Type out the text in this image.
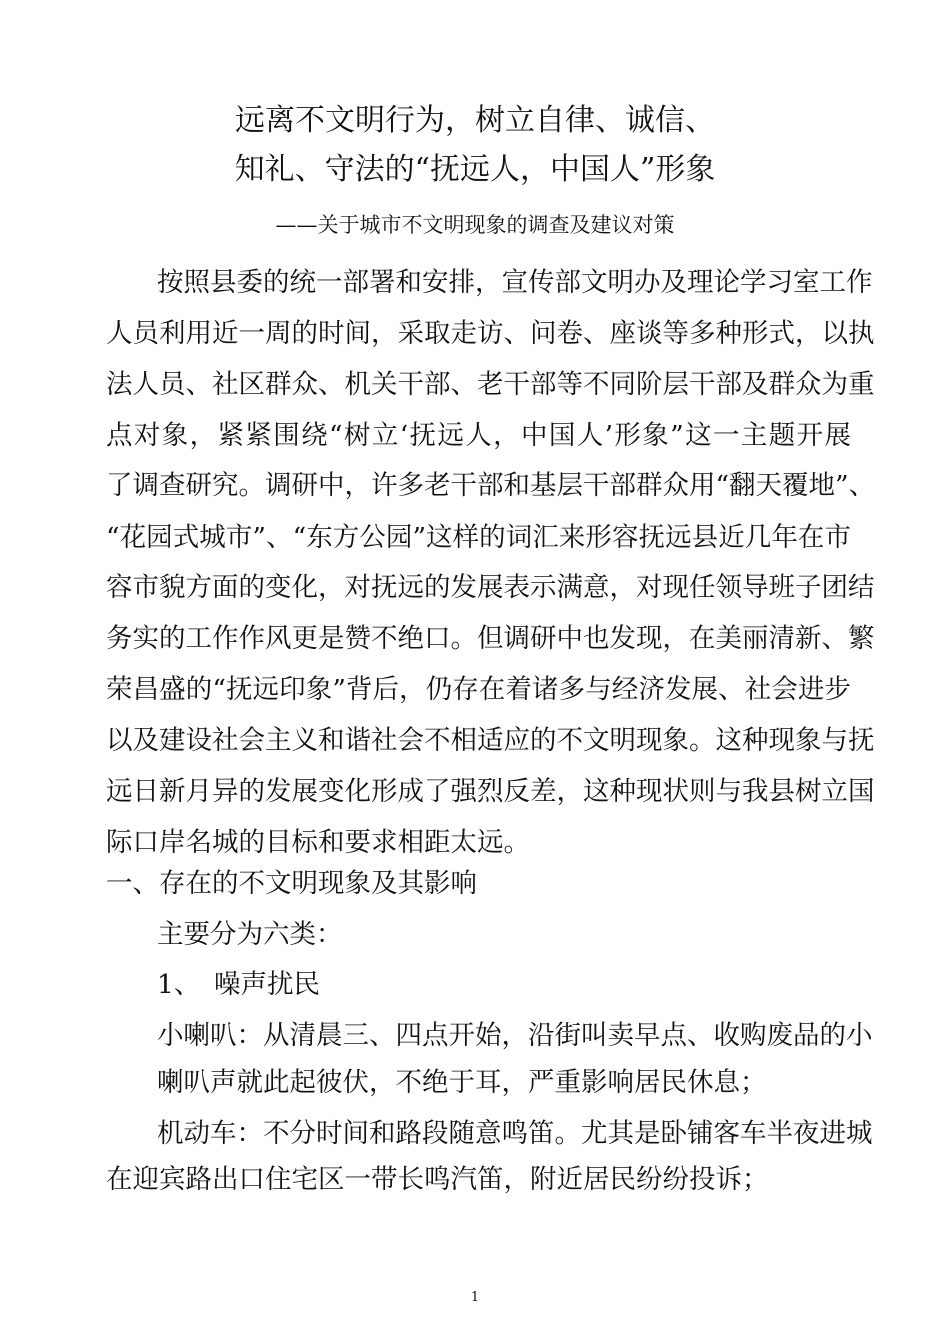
远离不文明行为，树立自律、诚信、
知礼、守法的“抚远人，中国人”形象
——关于城市不文明现象的调查及建议对策
按照县委的统一部署和安排，宣传部文明办及理论学习室工作
人员利用近一周的时间，采取走访、问卷、座谈等多种形式，以执
法人员、社区群众、机关干部、老干部等不同阶层干部及群众为重
点对象，紧紧围绕“树立‘抚远人，中国人’形象”这一主题开展
了调查研究。调研中，许多老干部和基层干部群众用“翻天覆地”、
“花园式城市”、“东方公园”这样的词汇来形容抚远县近几年在市
容市貌方面的变化，对抚远的发展表示满意，对现任领导班子团结
务实的工作作风更是赞不绝口。但调研中也发现，在美丽清新、繁
荣昌盛的“抚远印象”背后，仍存在着诸多与经济发展、社会进步
以及建设社会主义和谐社会不相适应的不文明现象。这种现象与抚
远日新月异的发展变化形成了强烈反差，这种现状则与我县树立国
际口岸名城的目标和要求相距太远。
一、存在的不文明现象及其影响
主要分为六类：
1、 噪声扰民
小喇叭：从清晨三、四点开始，沿街叫卖早点、收购废品的小
喇叭声就此起彼伏，不绝于耳，严重影响居民休息；
机动车：不分时间和路段随意鸣笛。尤其是卧铺客车半夜进城
在迎宾路出口住宅区一带长鸣汽笛，附近居民纷纷投诉；
1
